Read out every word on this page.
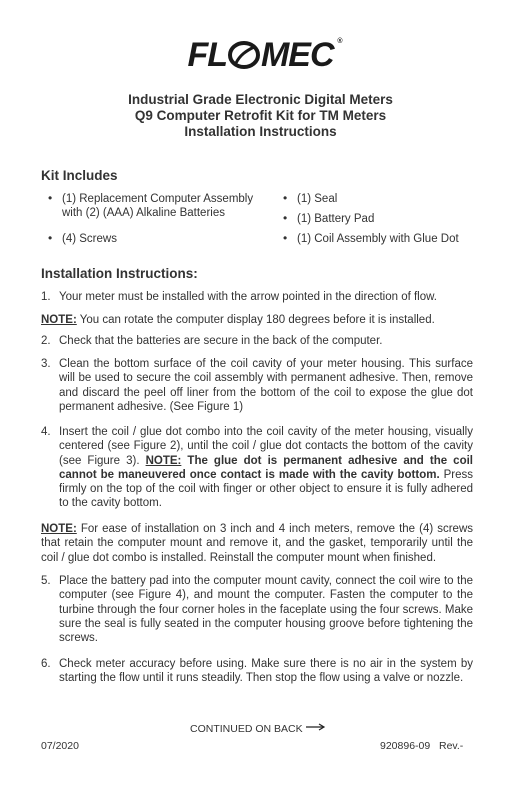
FL MEC ®
Industrial Grade Electronic Digital Meters
Q9 Computer Retrofit Kit for TM Meters
Installation Instructions
Kit Includes
• (1) Replacement Computer Assembly with (2) (AAA) Alkaline Batteries
• (4) Screws
• (1) Seal
• (1) Battery Pad
• (1) Coil Assembly with Glue Dot
Installation Instructions:
1. Your meter must be installed with the arrow pointed in the direction of flow.
NOTE: You can rotate the computer display 180 degrees before it is installed.
2. Check that the batteries are secure in the back of the computer.
3. Clean the bottom surface of the coil cavity of your meter housing. This surface will be used to secure the coil assembly with permanent adhesive. Then, remove and discard the peel off liner from the bottom of the coil to expose the glue dot permanent adhesive. (See Figure 1)
4. Insert the coil / glue dot combo into the coil cavity of the meter housing, visually centered (see Figure 2), until the coil / glue dot contacts the bottom of the cavity (see Figure 3). NOTE: The glue dot is permanent adhesive and the coil cannot be maneuvered once contact is made with the cavity bottom. Press firmly on the top of the coil with finger or other object to ensure it is fully adhered to the cavity bottom.
NOTE: For ease of installation on 3 inch and 4 inch meters, remove the (4) screws that retain the computer mount and remove it, and the gasket, temporarily until the coil / glue dot combo is installed. Reinstall the computer mount when finished.
5. Place the battery pad into the computer mount cavity, connect the coil wire to the computer (see Figure 4), and mount the computer. Fasten the computer to the turbine through the four corner holes in the faceplate using the four screws. Make sure the seal is fully seated in the computer housing groove before tightening the screws.
6. Check meter accuracy before using. Make sure there is no air in the system by starting the flow until it runs steadily. Then stop the flow using a valve or nozzle.
CONTINUED ON BACK
07/2020	920896-09 Rev.-
